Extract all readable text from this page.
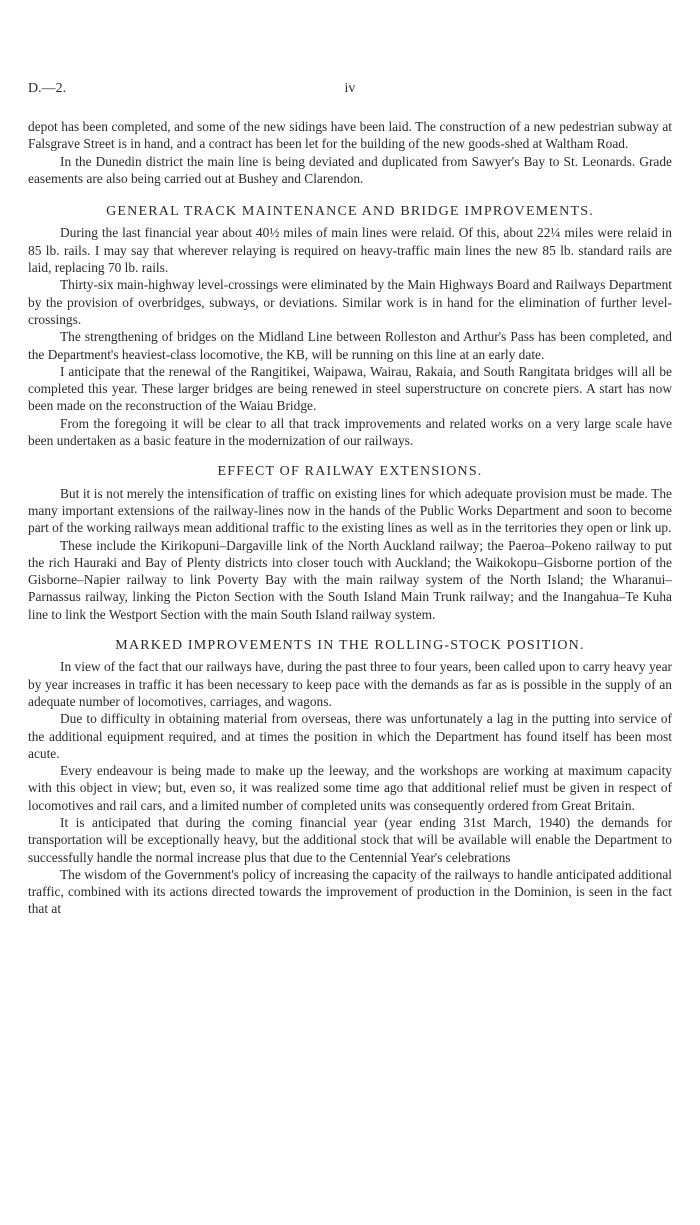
D.—2.	iv

depot has been completed, and some of the new sidings have been laid. The construction of a new pedestrian subway at Falsgrave Street is in hand, and a contract has been let for the building of the new goods-shed at Waltham Road.

In the Dunedin district the main line is being deviated and duplicated from Sawyer's Bay to St. Leonards. Grade easements are also being carried out at Bushey and Clarendon.

GENERAL TRACK MAINTENANCE AND BRIDGE IMPROVEMENTS.

During the last financial year about 40½ miles of main lines were relaid. Of this, about 22¼ miles were relaid in 85 lb. rails. I may say that wherever relaying is required on heavy-traffic main lines the new 85 lb. standard rails are laid, replacing 70 lb. rails.

Thirty-six main-highway level-crossings were eliminated by the Main Highways Board and Railways Department by the provision of overbridges, subways, or deviations. Similar work is in hand for the elimination of further level-crossings.

The strengthening of bridges on the Midland Line between Rolleston and Arthur's Pass has been completed, and the Department's heaviest-class locomotive, the KB, will be running on this line at an early date.

I anticipate that the renewal of the Rangitikei, Waipawa, Wairau, Rakaia, and South Rangitata bridges will all be completed this year. These larger bridges are being renewed in steel superstructure on concrete piers. A start has now been made on the reconstruction of the Waiau Bridge.

From the foregoing it will be clear to all that track improvements and related works on a very large scale have been undertaken as a basic feature in the modernization of our railways.

EFFECT OF RAILWAY EXTENSIONS.

But it is not merely the intensification of traffic on existing lines for which adequate provision must be made. The many important extensions of the railway-lines now in the hands of the Public Works Department and soon to become part of the working railways mean additional traffic to the existing lines as well as in the territories they open or link up.

These include the Kirikopuni–Dargaville link of the North Auckland railway; the Paeroa–Pokeno railway to put the rich Hauraki and Bay of Plenty districts into closer touch with Auckland; the Waikokopu–Gisborne portion of the Gisborne–Napier railway to link Poverty Bay with the main railway system of the North Island; the Wharanui–Parnassus railway, linking the Picton Section with the South Island Main Trunk railway; and the Inangahua–Te Kuha line to link the Westport Section with the main South Island railway system.

MARKED IMPROVEMENTS IN THE ROLLING-STOCK POSITION.

In view of the fact that our railways have, during the past three to four years, been called upon to carry heavy year by year increases in traffic it has been necessary to keep pace with the demands as far as is possible in the supply of an adequate number of locomotives, carriages, and wagons.

Due to difficulty in obtaining material from overseas, there was unfortunately a lag in the putting into service of the additional equipment required, and at times the position in which the Department has found itself has been most acute.

Every endeavour is being made to make up the leeway, and the workshops are working at maximum capacity with this object in view; but, even so, it was realized some time ago that additional relief must be given in respect of locomotives and rail cars, and a limited number of completed units was consequently ordered from Great Britain.

It is anticipated that during the coming financial year (year ending 31st March, 1940) the demands for transportation will be exceptionally heavy, but the additional stock that will be available will enable the Department to successfully handle the normal increase plus that due to the Centennial Year's celebrations

The wisdom of the Government's policy of increasing the capacity of the railways to handle anticipated additional traffic, combined with its actions directed towards the improvement of production in the Dominion, is seen in the fact that at
